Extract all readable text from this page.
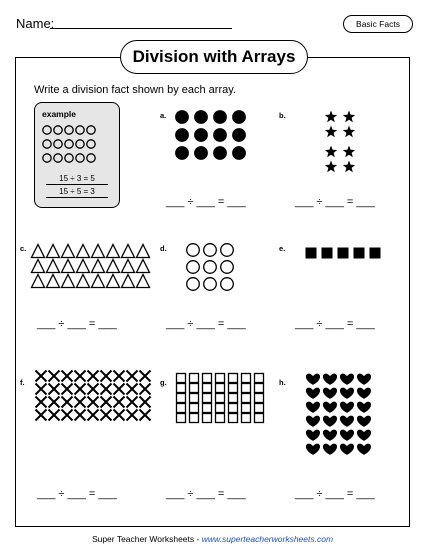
Name:	Basic Facts
Division with Arrays
Write a division fact shown by each array.
example
15 ÷ 3 = 5
15 ÷ 5 = 3
a.	b.
c.	d.	e.
f.	g.	h.
___ ÷ ___ = ___	___ ÷ ___ = ___
___ ÷ ___ = ___	___ ÷ ___ = ___	___ ÷ ___ = ___
___ ÷ ___ = ___	___ ÷ ___ = ___	___ ÷ ___ = ___
Super Teacher Worksheets - www.superteacherworksheets.com
